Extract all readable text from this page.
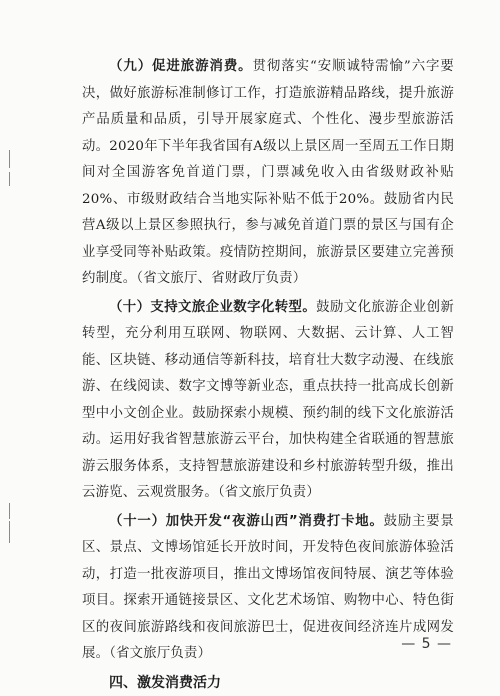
（九）促进旅游消费。贯彻落实“安顺诚特需愉”六字要决，做好旅游标准制修订工作，打造旅游精品路线，提升旅游产品质量和品质，引导开展家庭式、个性化、漫步型旅游活动。2020年下半年我省国有A级以上景区周一至周五工作日期间对全国游客免首道门票，门票减免收入由省级财政补贴20%、市级财政结合当地实际补贴不低于20%。鼓励省内民营A级以上景区参照执行，参与减免首道门票的景区与国有企业享受同等补贴政策。疫情防控期间，旅游景区要建立完善预约制度。（省文旅厅、省财政厅负责）

（十）支持文旅企业数字化转型。鼓励文化旅游企业创新转型，充分利用互联网、物联网、大数据、云计算、人工智能、区块链、移动通信等新科技，培育壮大数字动漫、在线旅游、在线阅读、数字文博等新业态，重点扶持一批高成长创新型中小文创企业。鼓励探索小规模、预约制的线下文化旅游活动。运用好我省智慧旅游云平台，加快构建全省联通的智慧旅游云服务体系，支持智慧旅游建设和乡村旅游转型升级，推出云游览、云观赏服务。（省文旅厅负责）

（十一）加快开发“夜游山西”消费打卡地。鼓励主要景区、景点、文博场馆延长开放时间，开发特色夜间旅游体验活动，打造一批夜游项目，推出文博场馆夜间特展、演艺等体验项目。探索开通链接景区、文化艺术场馆、购物中心、特色街区的夜间旅游路线和夜间旅游巴士，促进夜间经济连片成网发展。（省文旅厅负责）

四、激发消费活力

— 5 —
